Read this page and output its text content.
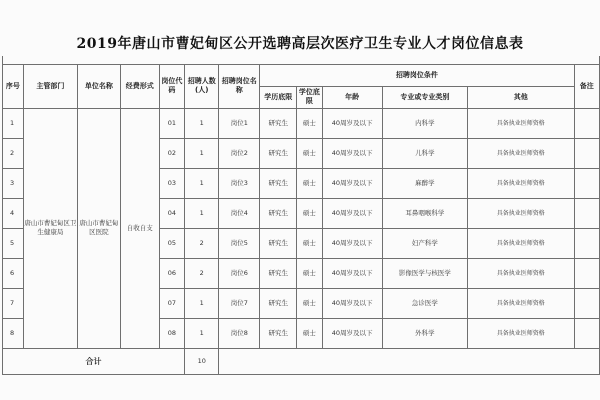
2019年唐山市曹妃甸区公开选聘高层次医疗卫生专业人才岗位信息表

序号	主管部门	单位名称	经费形式	岗位代码	招聘人数(人)	招聘岗位名称	招聘岗位条件					备注
							学历底限	学位底限	年龄	专业或专业类别	其他	
1	唐山市曹妃甸区卫生健康局	唐山市曹妃甸区医院	自收自支	01	1	岗位1	研究生	硕士	40周岁及以下	内科学	具备执业医师资格	
2				02	1	岗位2	研究生	硕士	40周岁及以下	儿科学	具备执业医师资格	
3				03	1	岗位3	研究生	硕士	40周岁及以下	麻醉学	具备执业医师资格	
4				04	1	岗位4	研究生	硕士	40周岁及以下	耳鼻咽喉科学	具备执业医师资格	
5				05	2	岗位5	研究生	硕士	40周岁及以下	妇产科学	具备执业医师资格	
6				06	2	岗位6	研究生	硕士	40周岁及以下	影像医学与核医学	具备执业医师资格	
7				07	1	岗位7	研究生	硕士	40周岁及以下	急诊医学	具备执业医师资格	
8				08	1	岗位8	研究生	硕士	40周岁及以下	外科学	具备执业医师资格	
合计					10							
